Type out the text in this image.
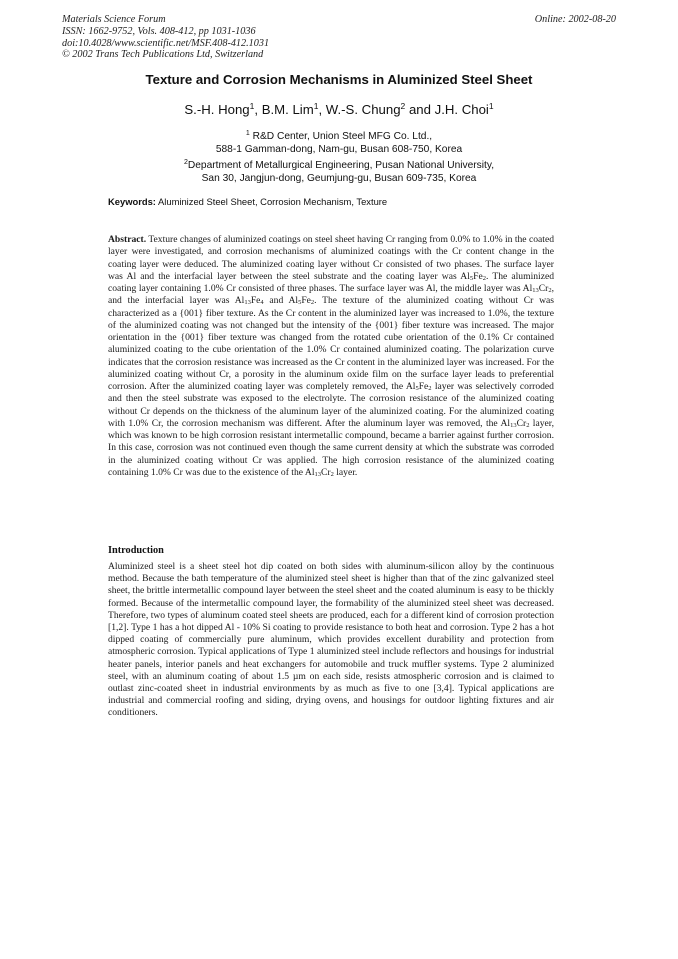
Materials Science Forum
ISSN: 1662-9752, Vols. 408-412, pp 1031-1036
doi:10.4028/www.scientific.net/MSF.408-412.1031
© 2002 Trans Tech Publications Ltd, Switzerland
Online: 2002-08-20
Texture and Corrosion Mechanisms in Aluminized Steel Sheet
S.-H. Hong$^1$, B.M. Lim$^1$, W.-S. Chung$^2$ and J.H. Choi$^1$
$^1$ R&D Center, Union Steel MFG Co. Ltd.,
588-1 Gamman-dong, Nam-gu, Busan 608-750, Korea
$^2$Department of Metallurgical Engineering, Pusan National University,
San 30, Jangjun-dong, Geumjung-gu, Busan 609-735, Korea
Keywords: Aluminized Steel Sheet, Corrosion Mechanism, Texture
Abstract. Texture changes of aluminized coatings on steel sheet having Cr ranging from 0.0% to 1.0% in the coated layer were investigated, and corrosion mechanisms of aluminized coatings with the Cr content change in the coating layer were deduced. The aluminized coating layer without Cr consisted of two phases. The surface layer was Al and the interfacial layer between the steel substrate and the coating layer was $Al_5Fe_2$. The aluminized coating layer containing 1.0% Cr consisted of three phases. The surface layer was Al, the middle layer was $Al_{13}Cr_2$, and the interfacial layer was $Al_{13}Fe_4$ and $Al_5Fe_2$. The texture of the aluminized coating without Cr was characterized as a {001} fiber texture. As the Cr content in the aluminized layer was increased to 1.0%, the texture of the aluminized coating was not changed but the intensity of the {001} fiber texture was increased. The major orientation in the {001} fiber texture was changed from the rotated cube orientation of the 0.1% Cr contained aluminized coating to the cube orientation of the 1.0% Cr contained aluminized coating. The polarization curve indicates that the corrosion resistance was increased as the Cr content in the aluminized layer was increased. For the aluminized coating without Cr, a porosity in the aluminum oxide film on the surface layer leads to preferential corrosion. After the aluminized coating layer was completely removed, the $Al_5Fe_2$ layer was selectively corroded and then the steel substrate was exposed to the electrolyte. The corrosion resistance of the aluminized coating without Cr depends on the thickness of the aluminum layer of the aluminized coating. For the aluminized coating with 1.0% Cr, the corrosion mechanism was different. After the aluminum layer was removed, the $Al_{13}Cr_2$ layer, which was known to be high corrosion resistant intermetallic compound, became a barrier against further corrosion. In this case, corrosion was not continued even though the same current density at which the substrate was corroded in the aluminized coating without Cr was applied. The high corrosion resistance of the aluminized coating containing 1.0% Cr was due to the existence of the $Al_{13}Cr_2$ layer.
Introduction
Aluminized steel is a sheet steel hot dip coated on both sides with aluminum-silicon alloy by the continuous method. Because the bath temperature of the aluminized steel sheet is higher than that of the zinc galvanized steel sheet, the brittle intermetallic compound layer between the steel sheet and the coated aluminum is easy to be thickly formed. Because of the intermetallic compound layer, the formability of the aluminized steel sheet was decreased. Therefore, two types of aluminum coated steel sheets are produced, each for a different kind of corrosion protection [1,2]. Type 1 has a hot dipped Al - 10% Si coating to provide resistance to both heat and corrosion. Type 2 has a hot dipped coating of commercially pure aluminum, which provides excellent durability and protection from atmospheric corrosion. Typical applications of Type 1 aluminized steel include reflectors and housings for industrial heater panels, interior panels and heat exchangers for automobile and truck muffler systems. Type 2 aluminized steel, with an aluminum coating of about 1.5 µm on each side, resists atmospheric corrosion and is claimed to outlast zinc-coated sheet in industrial environments by as much as five to one [3,4]. Typical applications are industrial and commercial roofing and siding, drying ovens, and housings for outdoor lighting fixtures and air conditioners.
